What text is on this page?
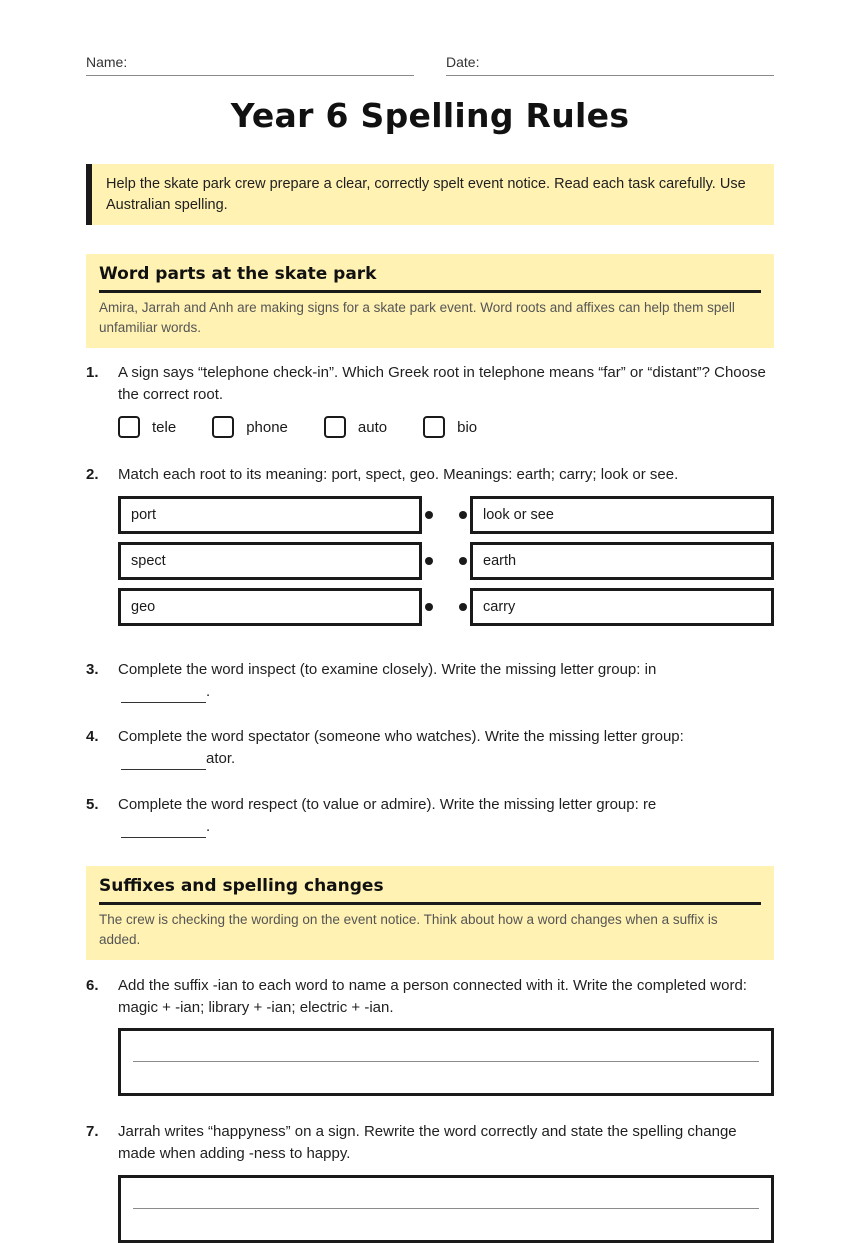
Name:	Date:
Year 6 Spelling Rules
Help the skate park crew prepare a clear, correctly spelt event notice. Read each task carefully. Use Australian spelling.
Word parts at the skate park
Amira, Jarrah and Anh are making signs for a skate park event. Word roots and affixes can help them spell unfamiliar words.
1. A sign says “telephone check-in”. Which Greek root in telephone means “far” or “distant”? Choose the correct root.
tele	phone	auto	bio
2. Match each root to its meaning: port, spect, geo. Meanings: earth; carry; look or see.
port	look or see
spect	earth
geo	carry
3. Complete the word inspect (to examine closely). Write the missing letter group: in
.
4. Complete the word spectator (someone who watches). Write the missing letter group:
ator.
5. Complete the word respect (to value or admire). Write the missing letter group: re
.
Suffixes and spelling changes
The crew is checking the wording on the event notice. Think about how a word changes when a suffix is added.
6. Add the suffix -ian to each word to name a person connected with it. Write the completed word: magic + -ian; library + -ian; electric + -ian.
7. Jarrah writes “happyness” on a sign. Rewrite the word correctly and state the spelling change made when adding -ness to happy.
